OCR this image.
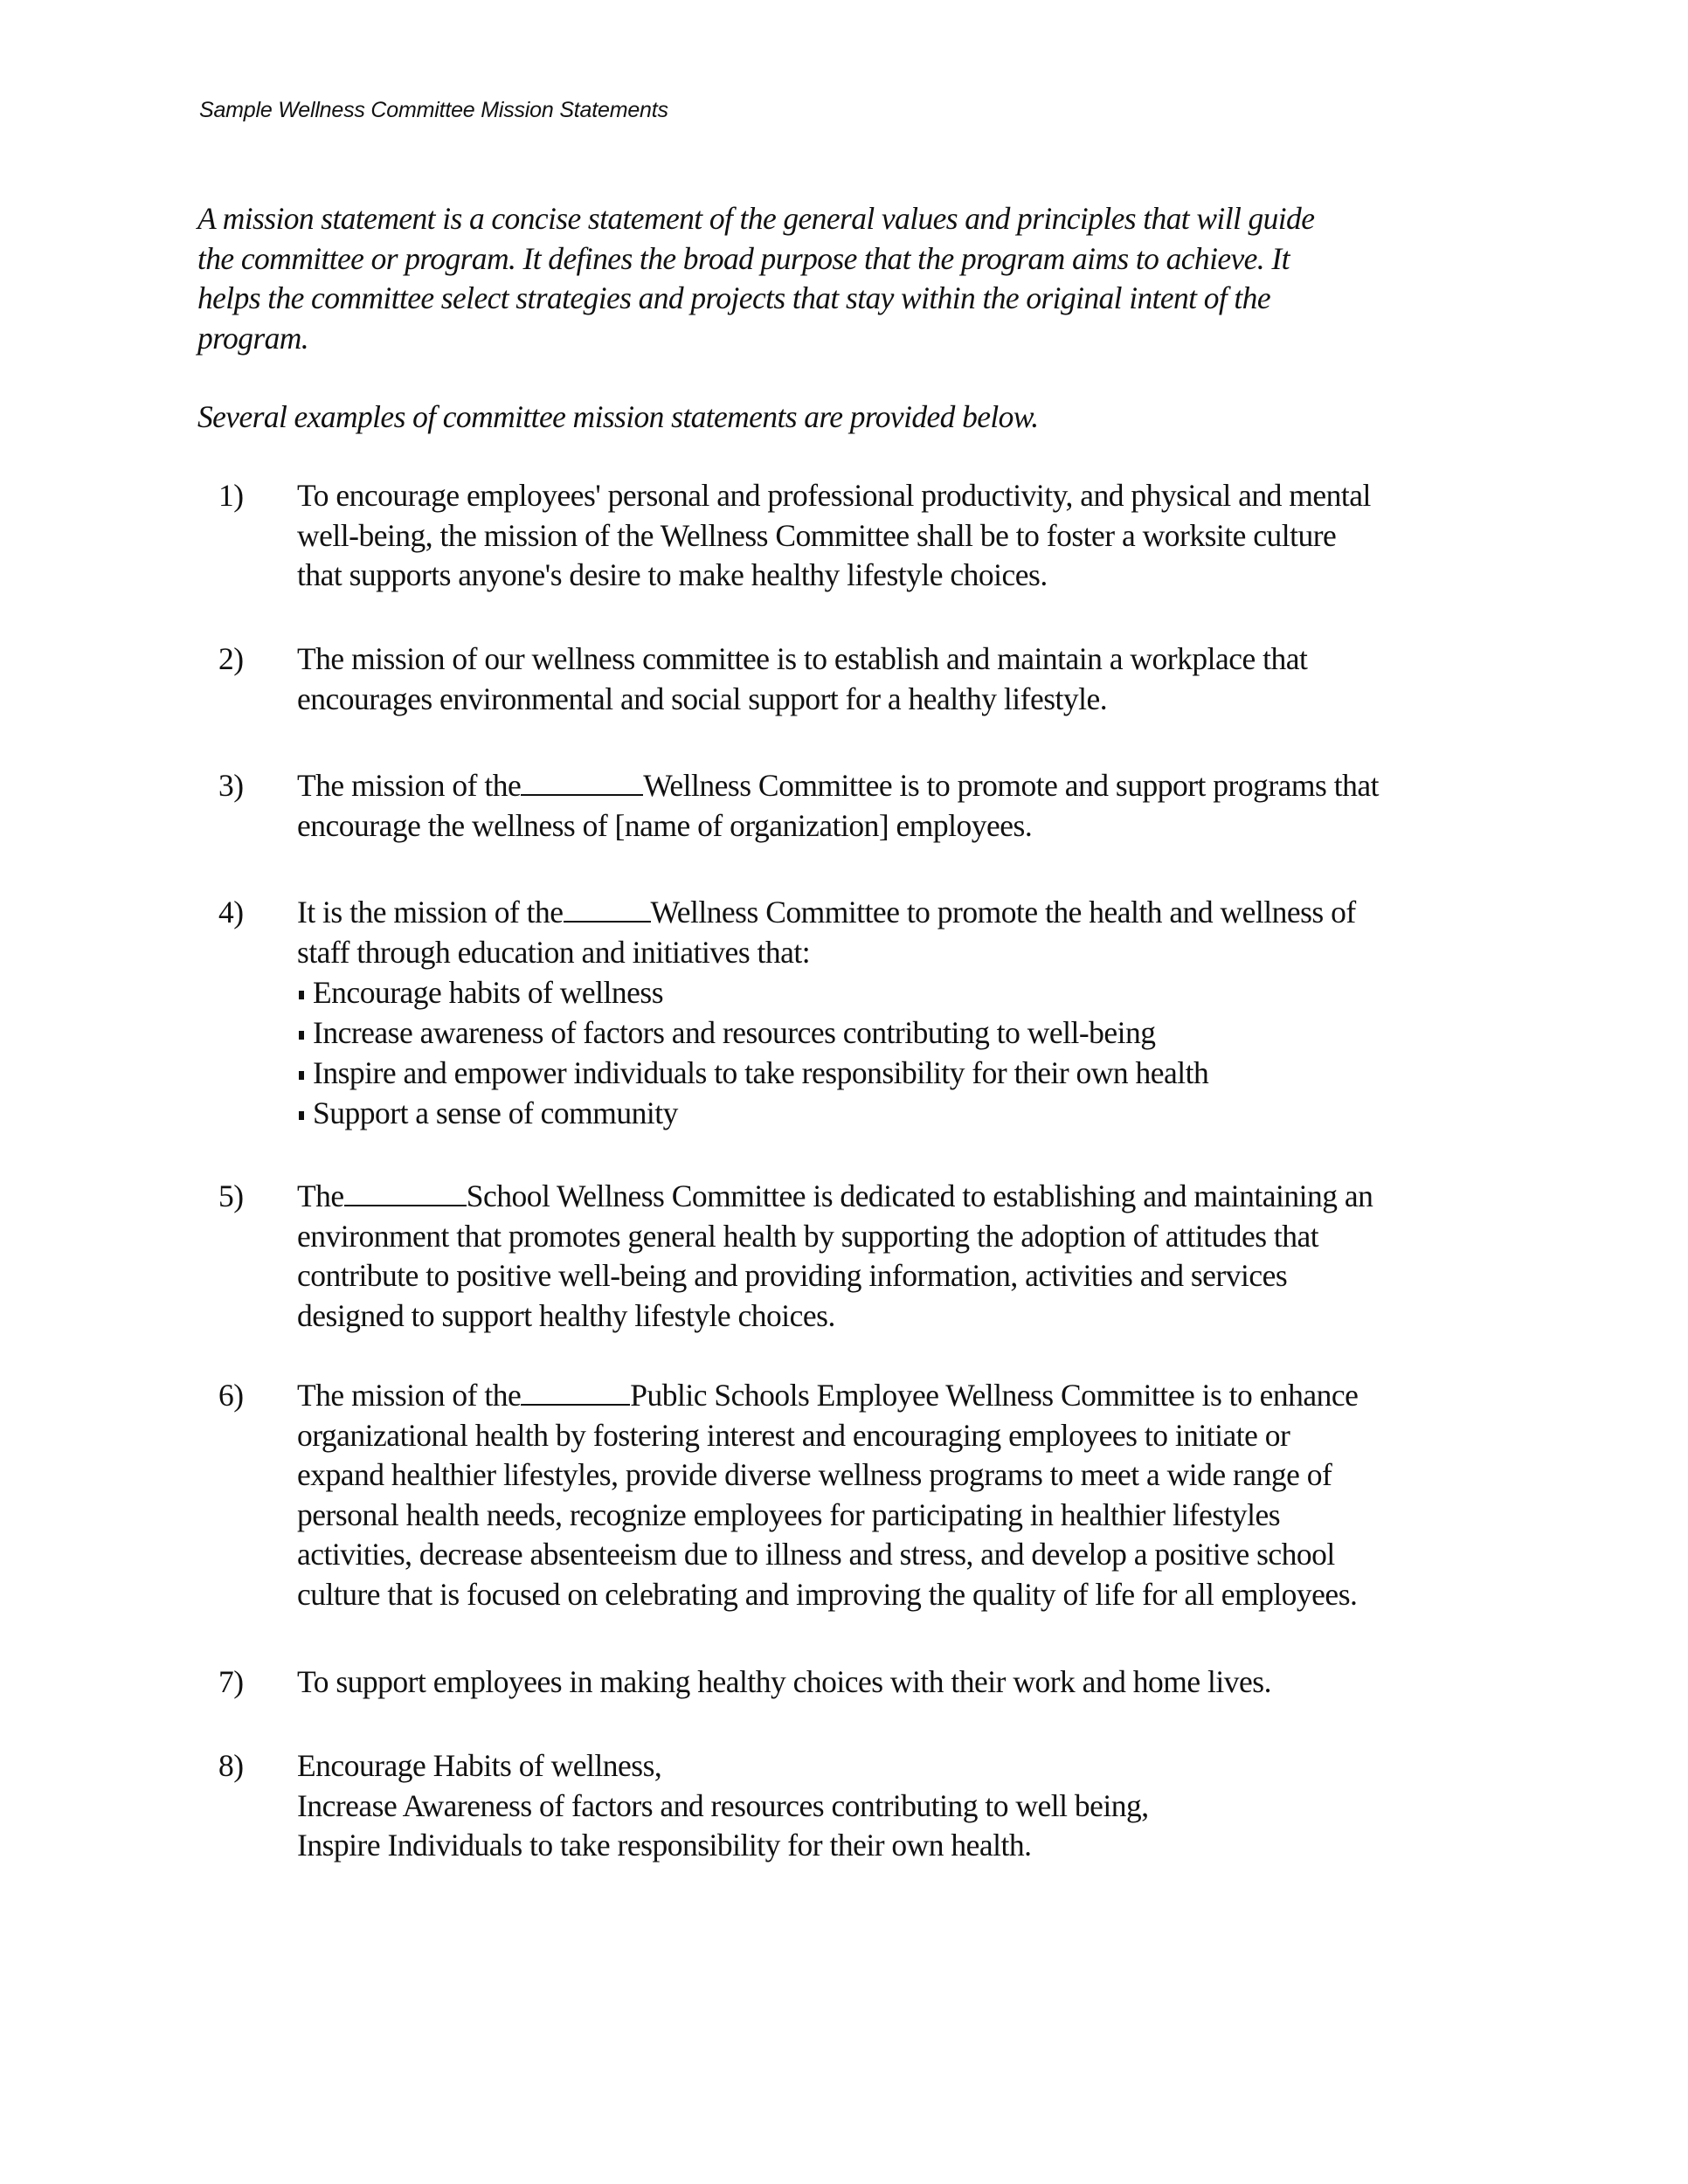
Sample Wellness Committee Mission Statements
A mission statement is a concise statement of the general values and principles that will guide
the committee or program. It defines the broad purpose that the program aims to achieve. It
helps the committee select strategies and projects that stay within the original intent of the
program.
Several examples of committee mission statements are provided below.
1) To encourage employees' personal and professional productivity, and physical and mental
well-being, the mission of the Wellness Committee shall be to foster a worksite culture
that supports anyone's desire to make healthy lifestyle choices.
2) The mission of our wellness committee is to establish and maintain a workplace that
encourages environmental and social support for a healthy lifestyle.
3) The mission of the	Wellness Committee is to promote and support programs that
encourage the wellness of [name of organization] employees.
4) It is the mission of the	Wellness Committee to promote the health and wellness of
staff through education and initiatives that:
Encourage habits of wellness
Increase awareness of factors and resources contributing to well-being
Inspire and empower individuals to take responsibility for their own health
Support a sense of community
5) The	School Wellness Committee is dedicated to establishing and maintaining an
environment that promotes general health by supporting the adoption of attitudes that
contribute to positive well-being and providing information, activities and services
designed to support healthy lifestyle choices.
6) The mission of the	Public Schools Employee Wellness Committee is to enhance
organizational health by fostering interest and encouraging employees to initiate or
expand healthier lifestyles, provide diverse wellness programs to meet a wide range of
personal health needs, recognize employees for participating in healthier lifestyles
activities, decrease absenteeism due to illness and stress, and develop a positive school
culture that is focused on celebrating and improving the quality of life for all employees.
7) To support employees in making healthy choices with their work and home lives.
8) Encourage Habits of wellness,
Increase Awareness of factors and resources contributing to well being,
Inspire Individuals to take responsibility for their own health.
